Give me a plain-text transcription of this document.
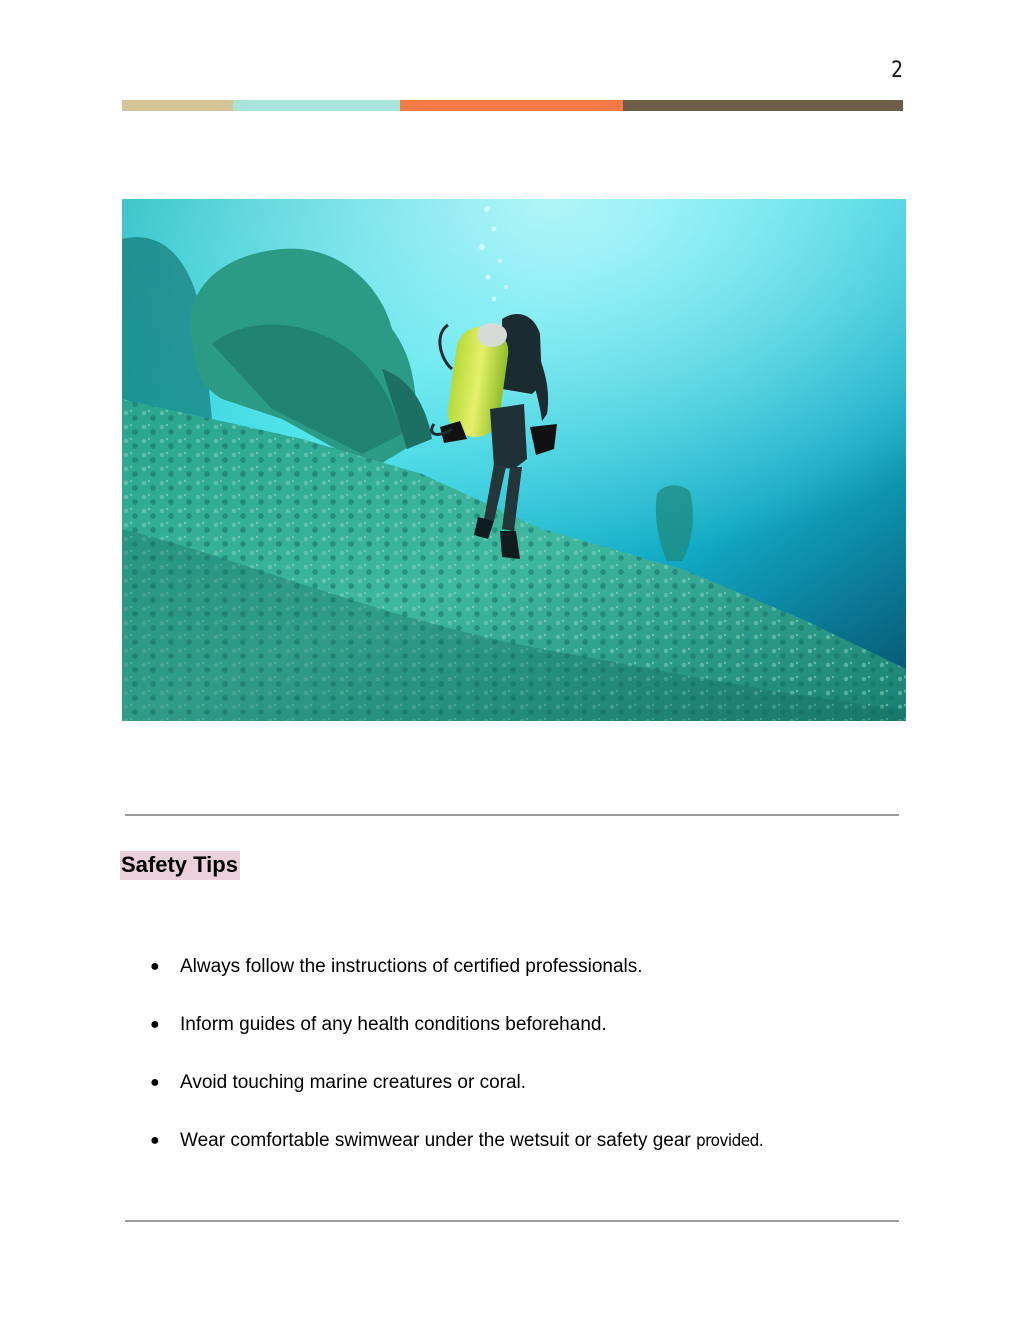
2
Safety Tips
● Always follow the instructions of certified professionals.
● Inform guides of any health conditions beforehand.
● Avoid touching marine creatures or coral.
● Wear comfortable swimwear under the wetsuit or safety gear provided.
